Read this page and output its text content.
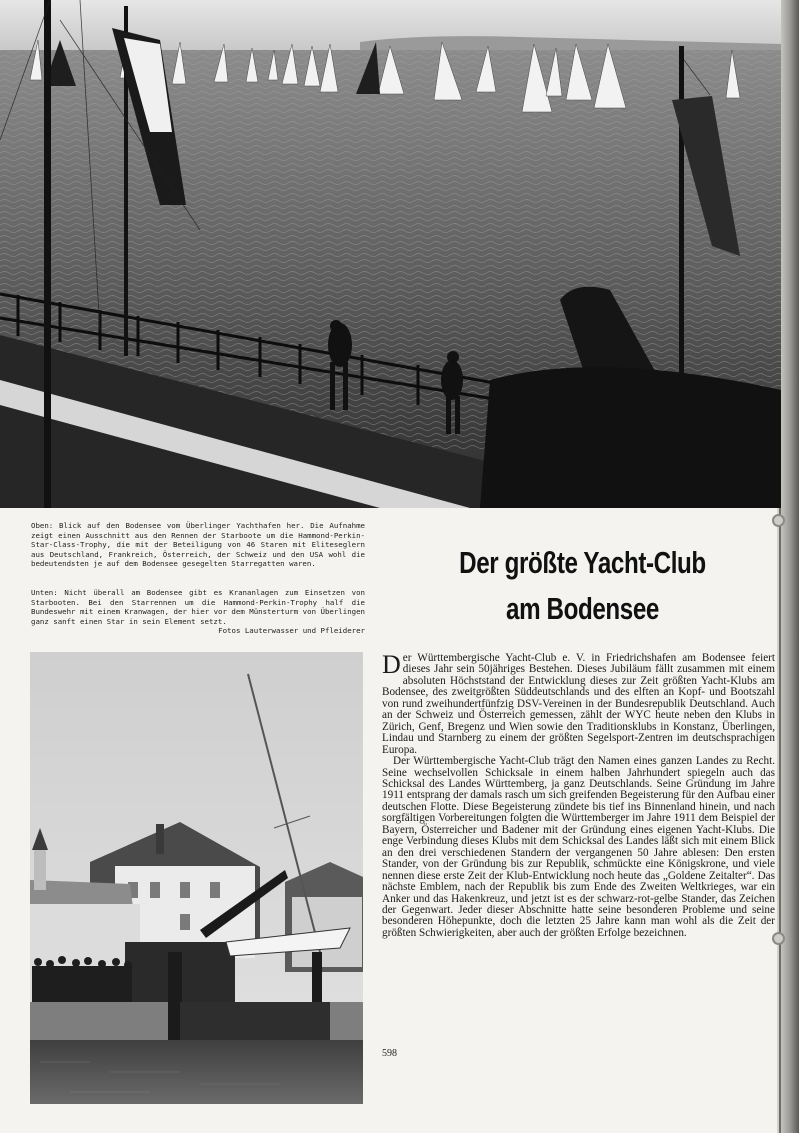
Oben: Blick auf den Bodensee vom Überlinger Yachthafen her. Die Aufnahme zeigt einen Ausschnitt aus den Rennen der Starboote um die Hammond-Perkin-Star-Class-Trophy, die mit der Beteiligung von 46 Staren mit Eliteseglern aus Deutschland, Frankreich, Österreich, der Schweiz und den USA wohl die bedeutendsten je auf dem Bodensee gesegelten Starregatten waren.
Unten: Nicht überall am Bodensee gibt es Krananlagen zum Einsetzen von Starbooten. Bei den Starrennen um die Hammond-Perkin-Trophy half die Bundeswehr mit einem Kranwagen, der hier vor dem Münsterturm von Überlingen ganz sanft einen Star in sein Element setzt.
Fotos Lauterwasser und Pfleiderer
Der größte Yacht-Club
am Bodensee

Der Württembergische Yacht-Club e. V. in Friedrichshafen am Bodensee feiert dieses Jahr sein 50jähriges Bestehen. Dieses Jubiläum fällt zusammen mit einem absoluten Höchststand der Entwicklung dieses zur Zeit größten Yacht-Klubs am Bodensee, des zweitgrößten Süddeutschlands und des elften an Kopf- und Bootszahl von rund zweihundertfünfzig DSV-Vereinen in der Bundesrepublik Deutschland. Auch an der Schweiz und Österreich gemessen, zählt der WYC heute neben den Klubs in Zürich, Genf, Bregenz und Wien sowie den Traditionsklubs in Konstanz, Überlingen, Lindau und Starnberg zu einem der größten Segelsport-Zentren im deutschsprachigen Europa.

Der Württembergische Yacht-Club trägt den Namen eines ganzen Landes zu Recht. Seine wechselvollen Schicksale in einem halben Jahrhundert spiegeln auch das Schicksal des Landes Württemberg, ja ganz Deutschlands. Seine Gründung im Jahre 1911 entsprang der damals rasch um sich greifenden Begeisterung für den Aufbau einer deutschen Flotte. Diese Begeisterung zündete bis tief ins Binnenland hinein, und nach sorgfältigen Vorbereitungen folgten die Württemberger im Jahre 1911 dem Beispiel der Bayern, Österreicher und Badener mit der Gründung eines eigenen Yacht-Klubs. Die enge Verbindung dieses Klubs mit dem Schicksal des Landes läßt sich mit einem Blick an den drei verschiedenen Standern der vergangenen 50 Jahre ablesen: Den ersten Stander, von der Gründung bis zur Republik, schmückte eine Königskrone, und viele nennen diese erste Zeit der Klub-Entwicklung noch heute das „Goldene Zeitalter“. Das nächste Emblem, nach der Republik bis zum Ende des Zweiten Weltkrieges, war ein Anker und das Hakenkreuz, und jetzt ist es der schwarz-rot-gelbe Stander, das Zeichen der Gegenwart. Jeder dieser Abschnitte hatte seine besonderen Probleme und seine besonderen Höhepunkte, doch die letzten 25 Jahre kann man wohl als die Zeit der größten Schwierigkeiten, aber auch der größten Erfolge bezeichnen.

598
